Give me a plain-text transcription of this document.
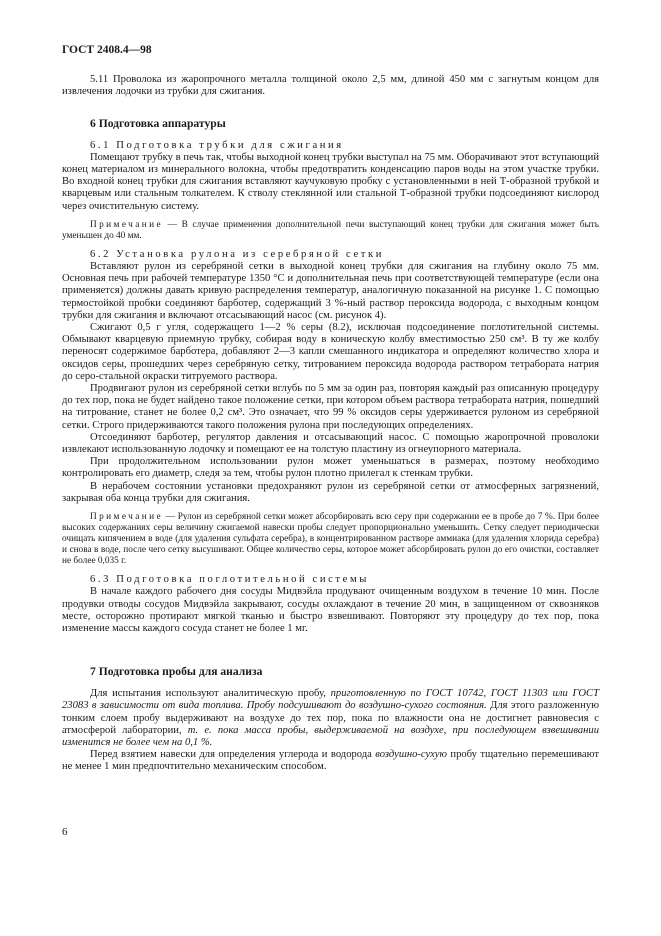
ГОСТ 2408.4—98

5.11 Проволока из жаропрочного металла толщиной около 2,5 мм, длиной 450 мм с загнутым концом для извлечения лодочки из трубки для сжигания.

6 Подготовка аппаратуры

6.1 Подготовка трубки для сжигания

Помещают трубку в печь так, чтобы выходной конец трубки выступал на 75 мм. Оборачивают этот вступающий конец материалом из минерального волокна, чтобы предотвратить конденсацию паров воды на этом участке трубки. Во входной конец трубки для сжигания вставляют каучуковую пробку с установленными в ней Т-образной трубкой и кварцевым или стальным толкателем. К стволу стеклянной или стальной Т-образной трубки подсоединяют кислород через очистительную систему.

Примечание — В случае применения дополнительной печи выступающий конец трубки для сжигания может быть уменьшен до 40 мм.

6.2 Установка рулона из серебряной сетки

Вставляют рулон из серебряной сетки в выходной конец трубки для сжигания на глубину около 75 мм. Основная печь при рабочей температуре 1350 °С и дополнительная печь при соответствующей температуре (если она применяется) должны давать кривую распределения температур, аналогичную показанной на рисунке 1. С помощью термостойкой пробки соединяют барботер, содержащий 3 %-ный раствор пероксида водорода, с выходным концом трубки для сжигания и включают отсасывающий насос (см. рисунок 4).

Сжигают 0,5 г угля, содержащего 1—2 % серы (8.2), исключая подсоединение поглотительной системы. Обмывают кварцевую приемную трубку, собирая воду в коническую колбу вместимостью 250 см³. В ту же колбу переносят содержимое барботера, добавляют 2—3 капли смешанного индикатора и определяют количество хлора и оксидов серы, прошедших через серебряную сетку, титрованием пероксида водорода раствором тетрабората натрия до серо-стальной окраски титруемого раствора.

Продвигают рулон из серебряной сетки вглубь по 5 мм за один раз, повторяя каждый раз описанную процедуру до тех пор, пока не будет найдено такое положение сетки, при котором объем раствора тетрабората натрия, пошедший на титрование, станет не более 0,2 см³. Это означает, что 99 % оксидов серы удерживается рулоном из серебряной сетки. Строго придерживаются такого положения рулона при последующих определениях.

Отсоединяют барботер, регулятор давления и отсасывающий насос. С помощью жаропрочной проволоки извлекают использованную лодочку и помещают ее на толстую пластину из огнеупорного материала.

При продолжительном использовании рулон может уменьшаться в размерах, поэтому необходимо контролировать его диаметр, следя за тем, чтобы рулон плотно прилегал к стенкам трубки.

В нерабочем состоянии установки предохраняют рулон из серебряной сетки от атмосферных загрязнений, закрывая оба конца трубки для сжигания.

Примечание — Рулон из серебряной сетки может абсорбировать всю серу при содержании ее в пробе до 7 %. При более высоких содержаниях серы величину сжигаемой навески пробы следует пропорционально уменьшить. Сетку следует периодически очищать кипячением в воде (для удаления сульфата серебра), в концентрированном растворе аммиака (для удаления хлорида серебра) и снова в воде, после чего сетку высушивают. Общее количество серы, которое может абсорбировать рулон до его очистки, составляет не более 0,035 г.

6.3 Подготовка поглотительной системы

В начале каждого рабочего дня сосуды Мидвэйла продувают очищенным воздухом в течение 10 мин. После продувки отводы сосудов Мидвэйла закрывают, сосуды охлаждают в течение 20 мин, в защищенном от сквозняков месте, осторожно протирают мягкой тканью и быстро взвешивают. Повторяют эту процедуру до тех пор, пока изменение массы каждого сосуда станет не более 1 мг.

7 Подготовка пробы для анализа

Для испытания используют аналитическую пробу, приготовленную по ГОСТ 10742, ГОСТ 11303 или ГОСТ 23083 в зависимости от вида топлива. Пробу подсушивают до воздушно-сухого состояния. Для этого разложенную тонким слоем пробу выдерживают на воздухе до тех пор, пока по влажности она не достигнет равновесия с атмосферой лаборатории, т. е. пока масса пробы, выдерживаемой на воздухе, при последующем взвешивании изменится не более чем на 0,1 %.

Перед взятием навески для определения углерода и водорода воздушно-сухую пробу тщательно перемешивают не менее 1 мин предпочтительно механическим способом.

6
